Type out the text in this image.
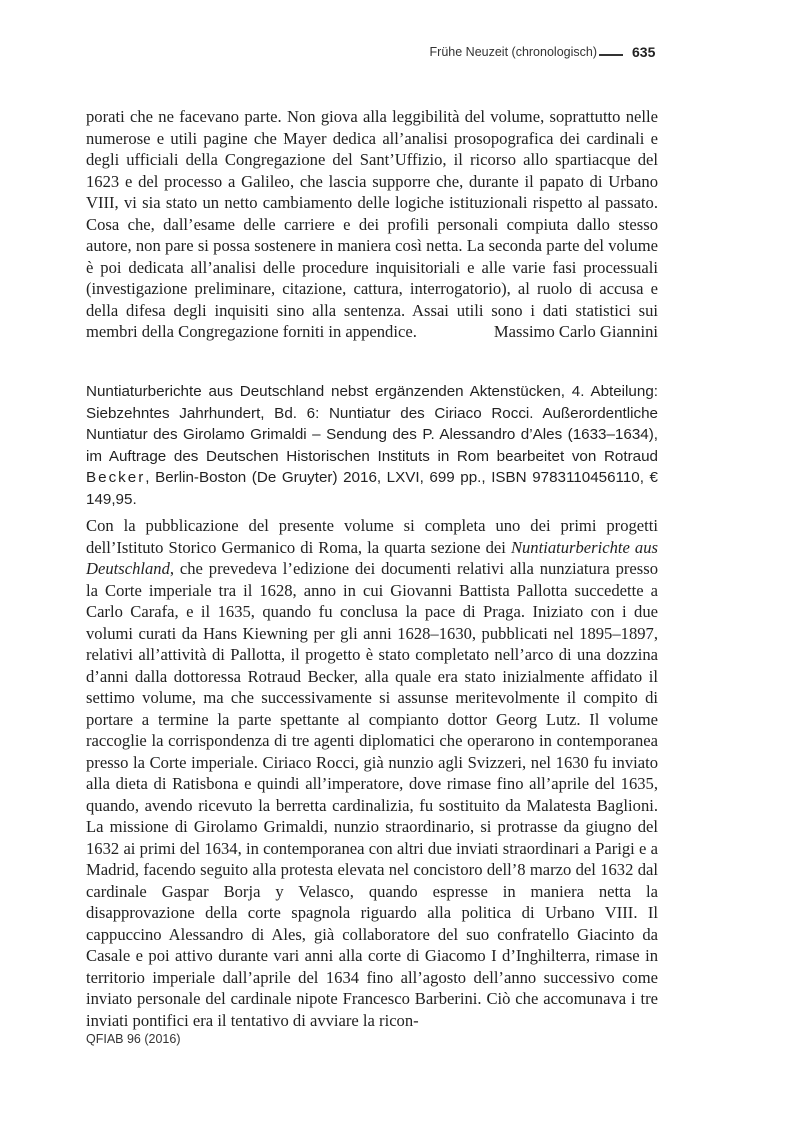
Frühe Neuzeit (chronologisch)	635
porati che ne facevano parte. Non giova alla leggibilità del volume, soprattutto nelle numerose e utili pagine che Mayer dedica all’analisi prosopografica dei cardinali e degli ufficiali della Congregazione del Sant’Uffizio, il ricorso allo spartiacque del 1623 e del processo a Galileo, che lascia supporre che, durante il papato di Urbano VIII, vi sia stato un netto cambiamento delle logiche istituzionali rispetto al passato. Cosa che, dall’esame delle carriere e dei profili personali compiuta dallo stesso autore, non pare si possa sostenere in maniera così netta. La seconda parte del volume è poi dedicata all’analisi delle procedure inquisitoriali e alle varie fasi processuali (investigazione preliminare, citazione, cattura, interrogatorio), al ruolo di accusa e della difesa degli inquisiti sino alla sentenza. Assai utili sono i dati statistici sui membri della Congregazione forniti in appendice.	Massimo Carlo Giannini
Nuntiaturberichte aus Deutschland nebst ergänzenden Aktenstücken, 4. Abteilung: Siebzehntes Jahrhundert, Bd. 6: Nuntiatur des Ciriaco Rocci. Außerordentliche Nuntiatur des Girolamo Grimaldi – Sendung des P. Alessandro d’Ales (1633–1634), im Auftrage des Deutschen Historischen Instituts in Rom bearbeitet von Rotraud Becker, Berlin-Boston (De Gruyter) 2016, LXVI, 699 pp., ISBN 9783110456110, € 149,95.
Con la pubblicazione del presente volume si completa uno dei primi progetti dell’Istituto Storico Germanico di Roma, la quarta sezione dei Nuntiaturberichte aus Deutschland, che prevedeva l’edizione dei documenti relativi alla nunziatura presso la Corte imperiale tra il 1628, anno in cui Giovanni Battista Pallotta succedette a Carlo Carafa, e il 1635, quando fu conclusa la pace di Praga. Iniziato con i due volumi curati da Hans Kiewning per gli anni 1628–1630, pubblicati nel 1895–1897, relativi all’attività di Pallotta, il progetto è stato completato nell’arco di una dozzina d’anni dalla dottoressa Rotraud Becker, alla quale era stato inizialmente affidato il settimo volume, ma che successivamente si assunse meritevolmente il compito di portare a termine la parte spettante al compianto dottor Georg Lutz. Il volume raccoglie la corrispondenza di tre agenti diplomatici che operarono in contemporanea presso la Corte imperiale. Ciriaco Rocci, già nunzio agli Svizzeri, nel 1630 fu inviato alla dieta di Ratisbona e quindi all’imperatore, dove rimase fino all’aprile del 1635, quando, avendo ricevuto la berretta cardinalizia, fu sostituito da Malatesta Baglioni. La missione di Girolamo Grimaldi, nunzio straordinario, si protrasse da giugno del 1632 ai primi del 1634, in contemporanea con altri due inviati straordinari a Parigi e a Madrid, facendo seguito alla protesta elevata nel concistoro dell’8 marzo del 1632 dal cardinale Gaspar Borja y Velasco, quando espresse in maniera netta la disapprovazione della corte spagnola riguardo alla politica di Urbano VIII. Il cappuccino Alessandro di Ales, già collaboratore del suo confratello Giacinto da Casale e poi attivo durante vari anni alla corte di Giacomo I d’Inghilterra, rimase in territorio imperiale dall’aprile del 1634 fino all’agosto dell’anno successivo come inviato personale del cardinale nipote Francesco Barberini. Ciò che accomunava i tre inviati pontifici era il tentativo di avviare la ricon-
QFIAB 96 (2016)
